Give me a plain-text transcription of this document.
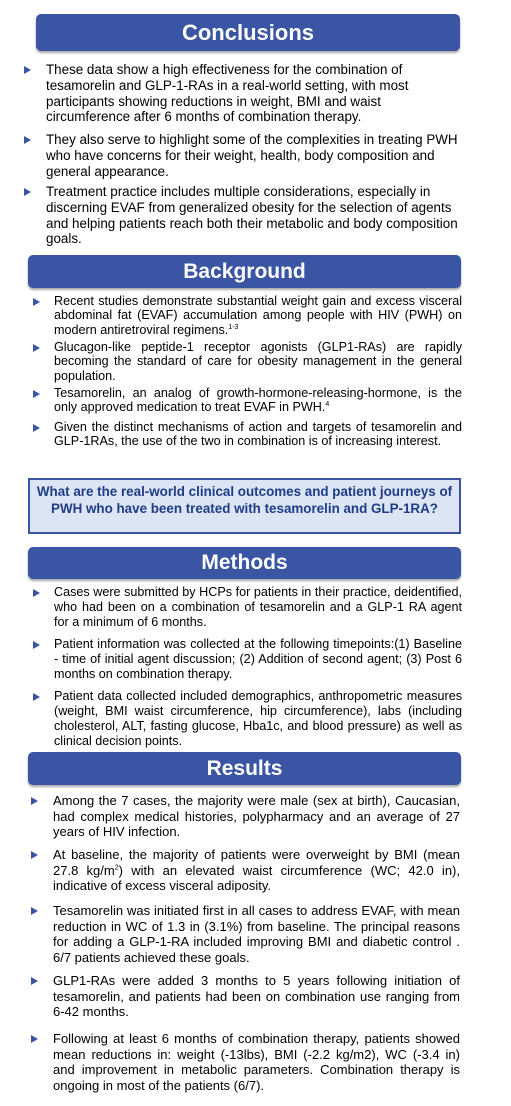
Conclusions
These data show a high effectiveness for the combination of tesamorelin and GLP-1-RAs in a real-world setting, with most participants showing reductions in weight, BMI and waist circumference after 6 months of combination therapy.
They also serve to highlight some of the complexities in treating PWH who have concerns for their weight, health, body composition and general appearance.
Treatment practice includes multiple considerations, especially in discerning EVAF from generalized obesity for the selection of agents and helping patients reach both their metabolic and body composition goals.
Background
Recent studies demonstrate substantial weight gain and excess visceral abdominal fat (EVAF) accumulation among people with HIV (PWH) on modern antiretroviral regimens.$^{1-3}$
Glucagon-like peptide-1 receptor agonists (GLP1-RAs) are rapidly becoming the standard of care for obesity management in the general population.
Tesamorelin, an analog of growth-hormone-releasing-hormone, is the only approved medication to treat EVAF in PWH.$^4$
Given the distinct mechanisms of action and targets of tesamorelin and GLP-1RAs, the use of the two in combination is of increasing interest.
What are the real-world clinical outcomes and patient journeys of PWH who have been treated with tesamorelin and GLP-1RA?
Methods
Cases were submitted by HCPs for patients in their practice, deidentified, who had been on a combination of tesamorelin and a GLP-1 RA agent for a minimum of 6 months.
Patient information was collected at the following timepoints:(1) Baseline - time of initial agent discussion; (2) Addition of second agent; (3) Post 6 months on combination therapy.
Patient data collected included demographics, anthropometric measures (weight, BMI waist circumference, hip circumference), labs (including cholesterol, ALT, fasting glucose, Hba1c, and blood pressure) as well as clinical decision points.
Results
Among the 7 cases, the majority were male (sex at birth), Caucasian, had complex medical histories, polypharmacy and an average of 27 years of HIV infection.
At baseline, the majority of patients were overweight by BMI (mean 27.8 $kg/m^2$) with an elevated waist circumference (WC; 42.0 in), indicative of excess visceral adiposity.
Tesamorelin was initiated first in all cases to address EVAF, with mean reduction in WC of 1.3 in (3.1%) from baseline. The principal reasons for adding a GLP-1-RA included improving BMI and diabetic control . 6/7 patients achieved these goals.
GLP1-RAs were added 3 months to 5 years following initiation of tesamorelin, and patients had been on combination use ranging from 6-42 months.
Following at least 6 months of combination therapy, patients showed mean reductions in: weight (-13lbs), BMI (-2.2 kg/m2), WC (-3.4 in) and improvement in metabolic parameters. Combination therapy is ongoing in most of the patients (6/7).
